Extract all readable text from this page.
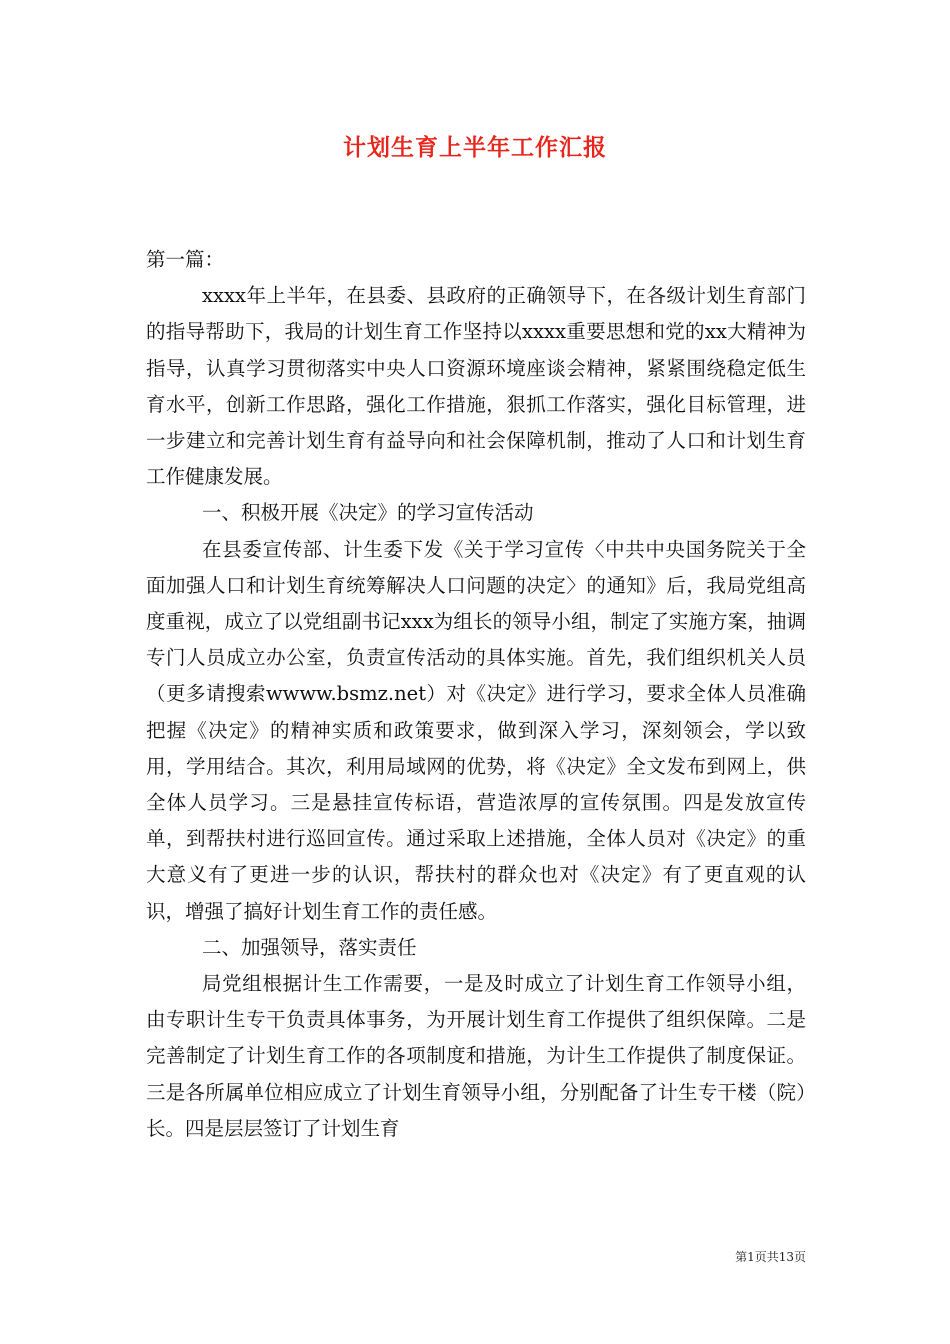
计划生育上半年工作汇报

第一篇：

xxxx年上半年，在县委、县政府的正确领导下，在各级计划生育部门的指导帮助下，我局的计划生育工作坚持以xxxx重要思想和党的xx大精神为指导，认真学习贯彻落实中央人口资源环境座谈会精神，紧紧围绕稳定低生育水平，创新工作思路，强化工作措施，狠抓工作落实，强化目标管理，进一步建立和完善计划生育有益导向和社会保障机制，推动了人口和计划生育工作健康发展。

一、积极开展《决定》的学习宣传活动

在县委宣传部、计生委下发《关于学习宣传〈中共中央国务院关于全面加强人口和计划生育统筹解决人口问题的决定〉的通知》后，我局党组高度重视，成立了以党组副书记xxx为组长的领导小组，制定了实施方案，抽调专门人员成立办公室，负责宣传活动的具体实施。首先，我们组织机关人员（更多请搜索wwww.bsmz.net）对《决定》进行学习，要求全体人员准确把握《决定》的精神实质和政策要求，做到深入学习，深刻领会，学以致用，学用结合。其次，利用局域网的优势，将《决定》全文发布到网上，供全体人员学习。三是悬挂宣传标语，营造浓厚的宣传氛围。四是发放宣传单，到帮扶村进行巡回宣传。通过采取上述措施，全体人员对《决定》的重大意义有了更进一步的认识，帮扶村的群众也对《决定》有了更直观的认识，增强了搞好计划生育工作的责任感。

二、加强领导，落实责任

局党组根据计生工作需要，一是及时成立了计划生育工作领导小组，由专职计生专干负责具体事务，为开展计划生育工作提供了组织保障。二是完善制定了计划生育工作的各项制度和措施，为计生工作提供了制度保证。三是各所属单位相应成立了计划生育领导小组，分别配备了计生专干楼（院）长。四是层层签订了计划生育

第1页共13页
